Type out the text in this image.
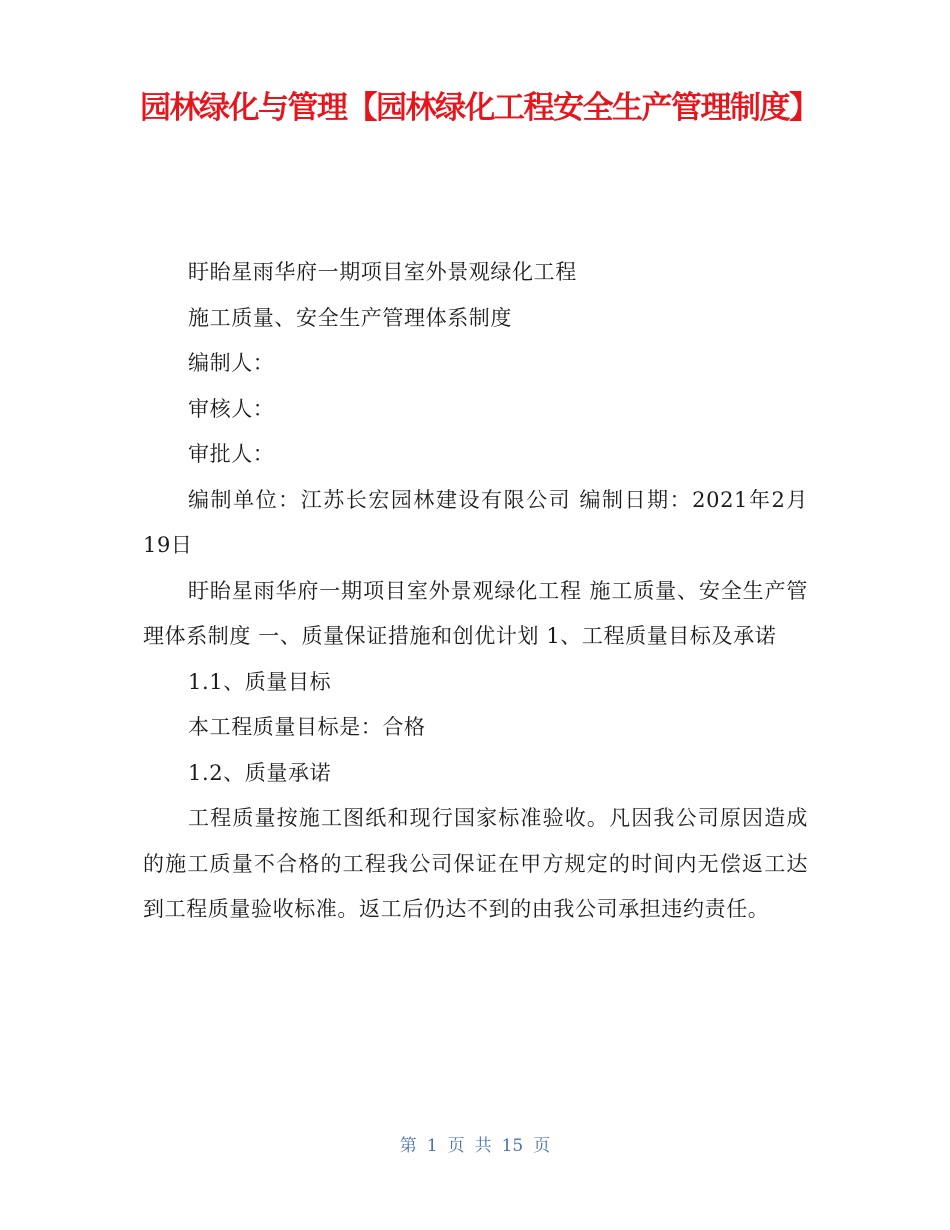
园林绿化与管理【园林绿化工程安全生产管理制度】

盱眙星雨华府一期项目室外景观绿化工程

施工质量、安全生产管理体系制度

编制人：

审核人：

审批人：

编制单位：江苏长宏园林建设有限公司 编制日期：2021年2月19日

盱眙星雨华府一期项目室外景观绿化工程 施工质量、安全生产管理体系制度 一、质量保证措施和创优计划 1、工程质量目标及承诺

1.1、质量目标

本工程质量目标是：合格

1.2、质量承诺

工程质量按施工图纸和现行国家标准验收。凡因我公司原因造成的施工质量不合格的工程我公司保证在甲方规定的时间内无偿返工达到工程质量验收标准。返工后仍达不到的由我公司承担违约责任。

第 1 页 共 15 页
